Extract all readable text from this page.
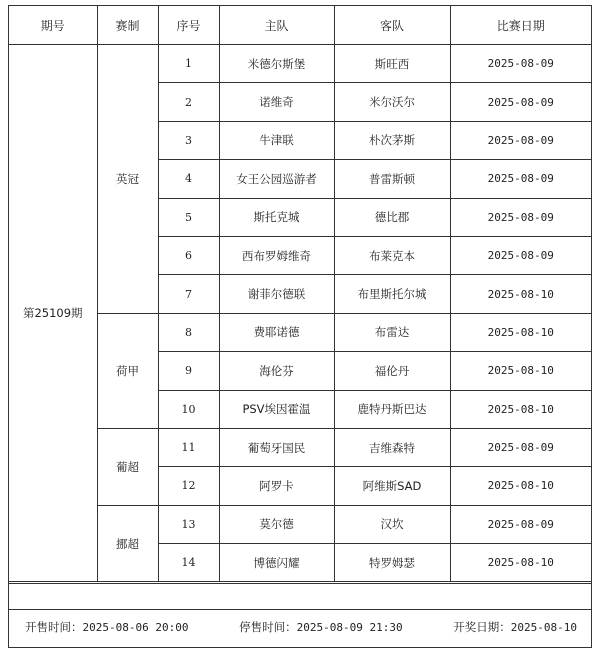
期号	赛制	序号	主队	客队	比赛日期
第25109期	英冠	1	米德尔斯堡	斯旺西	2025-08-09
		2	诺维奇	米尔沃尔	2025-08-09
		3	牛津联	朴次茅斯	2025-08-09
		4	女王公园巡游者	普雷斯顿	2025-08-09
		5	斯托克城	德比郡	2025-08-09
		6	西布罗姆维奇	布莱克本	2025-08-09
		7	谢菲尔德联	布里斯托尔城	2025-08-10
	荷甲	8	费耶诺德	布雷达	2025-08-10
		9	海伦芬	福伦丹	2025-08-10
		10	PSV埃因霍温	鹿特丹斯巴达	2025-08-10
	葡超	11	葡萄牙国民	吉维森特	2025-08-09
		12	阿罗卡	阿维斯SAD	2025-08-10
	挪超	13	莫尔德	汉坎	2025-08-09
		14	博德闪耀	特罗姆瑟	2025-08-10
开售时间：2025-08-06 20:00	停售时间：2025-08-09 21:30	开奖日期：2025-08-10
